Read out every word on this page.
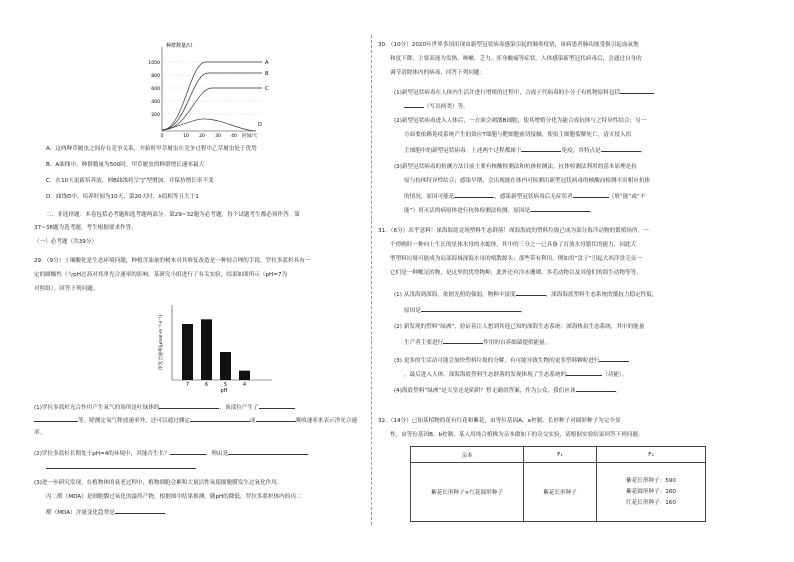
种群数量/只
1000
800
600
400
200
A
B
C
D
0	10 20 30 40 时间/天
A．这两种草履虫之间存在竞争关系，开始时甲草履虫在竞争过程中乙草履虫处于优势
B．A曲线中，种群数量为500时，甲草履虫的种群增长速率最大
C．在10天更新培养液，则B曲线将呈“J”型增加，并保持增长率不变
D．曲线D中，培养时间为10天、第20天时，λ值相等且大于1
二、非选择题：本卷包括必考题和选考题两部分。第29~32题为必考题，每个试题考生都必须作答。第
37~38题为选考题，考生根据要求作答。
（一）必考题（共39分）
29．（9分）土壤酸化是生态环境问题，种植含油量的树木对其修复改造是一种较合理的手段，罗拉多蓝杉具有一
定的耐酸性（与pH过高对其净光合速率的影响，某研究小组进行了有关实验，结果如图所示（pH=7为
对照组）。回答下列问题。
净光合速率(μmol·m⁻²·s⁻¹)
7	6	5	4
pH
(1)罗拉多蓝杉光合作用产生氧气的场所是叶绿体的	，该部位产生了
等。除测定氧气释放速率外，还可以通过测定	或	吸收速率来表示净光合速
率。
(2)罗拉多蓝杉长期处于pH=4的环境中，其能否生长？	，理由是
(3)进一步研究发现，在植物体的衰老过程中，植物细胞会累积大量活性氧使细胞膜发生过氧化作用，
丙二醛（MDA）是细胞膜过氧化的最终产物，根据图中结果推测，随pH的降低，罗拉多蓝杉体内的丙二
醛（MDA）含量变化趋势是	。
30．（10分）2020年世界多国出现由新型冠状病毒感染引起的肺炎疫情，该病患者肺功能受损引起血氧饱
和度下降，主要表现为发热、咳嗽、乏力、浑身酸痛等症状。人体感染新型冠状病毒后，会通过自身的
调节清除体内的病毒，回答下列问题：
(1)新型冠状病毒在人体内生活并进行增殖的过程中，合成子代病毒的小分子有机物原料包括
（写出两类）等。
(2)新型冠状病毒进入人体后，一方面会刺激B细胞，使其增殖分化为能合成抗体与之特异性结合；另一
方面要依赖免疫系统产生的效应T细胞与靶细胞密切接触，使宿主细胞裂解死亡，清灭侵入宿
主细胞中的新型冠状病毒。上述两个过程都属于	免疫，其特点是	。
(3)新型冠状病毒的检测方法目前主要有核酸检测法和抗体检测法，抗体检测法利用的基本原理是抗
原与抗体特异性结合；感染早期，会出现能在体内可检测出新型冠状病毒的核酸而检测不出相应抗体
的情况，原因可能是	，感染新型冠状病毒后无症状者	（填“能”或“不
能”）用灭活的病原体进行抗体检测法检测，原因是	。
31．（6分）出乎意料！深海海底竟现塑料生态群落！深海海底的塑料垃圾已成为部分海洋动物的繁殖场所，一
个傍晚时一种向上生长的星体水母的水螅体，其中的三分之一已具备了育放水母繁状的能力，因此大
型塑料垃圾可能成为局部海域深海水母的殖散源头；那些带有利用，例如用“盘子”引起大西洋盘壳页一
它们是一种鳃足的物，是这里的优势物种，此外还有冷水珊瑚、多毛动物以及其他们的海生动物等等。
(1) 从浅海到深海，依据光照的强弱，物种丰富度	，深海海底塑料生态系统的抵抗力稳定性低，
原因是	。
(2) 新发现的塑料“绿洲”，验证着让人想到其他已知的深海生态系统：深海热泉生态系统，其中的能量
生产者主要进行	作用的自养细菌提供能量。
(3) 更多的生活动可能会加快塑料垃圾的分解，有可能导致生物的更多塑料颗粒进行
，最后进入人体，深海海底塑料生态群落的发现体现了生态系统的	（功能）。
(4)海底塑料“绿洲”是天堂还是陷阱？暂无确切答案，作为公众，我们应该	。
32．（14分）已知某植物的花有红花和紫花，由等位基因A、a控制，长形种子对圆形种子为完全显
性，由等位基因B、b控制。某人用纯合植株为亲本做如下的杂交实验，请根据实验结果回答下列问题：
亲本	F₁	F₂
紫花长形种子×红花圆形种子	紫花长形种子	紫花长形种子：590
紫花圆形种子：160
红花长形种子：160
